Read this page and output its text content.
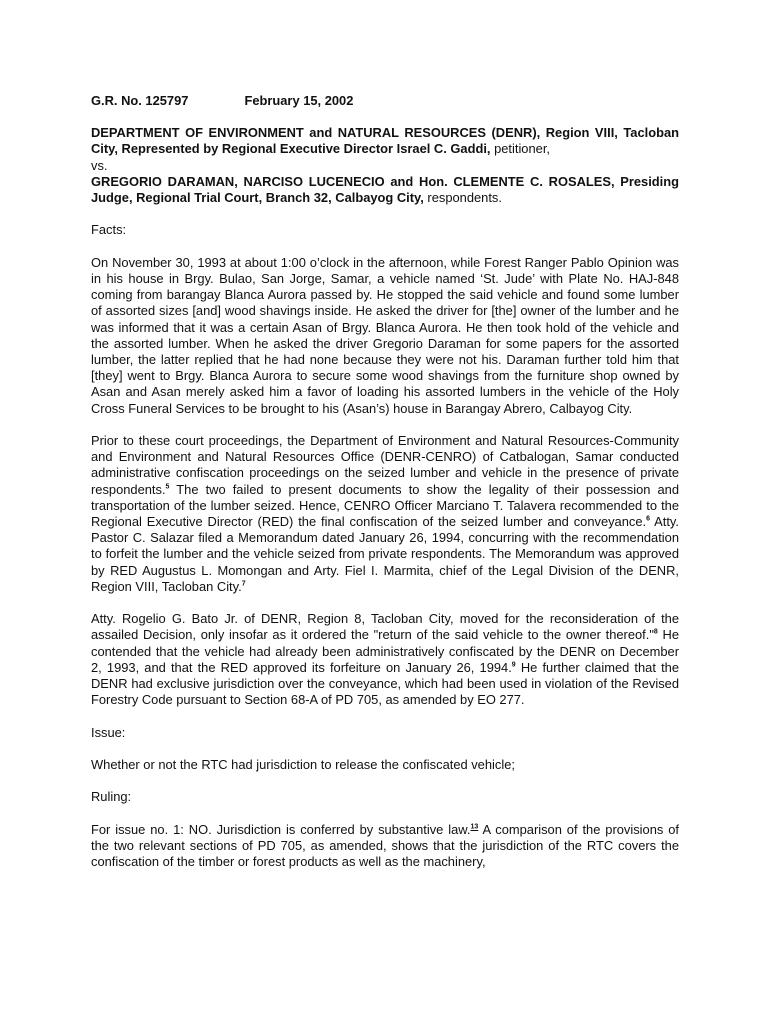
G.R. No. 125797	February 15, 2002

DEPARTMENT OF ENVIRONMENT and NATURAL RESOURCES (DENR), Region VIII, Tacloban City, Represented by Regional Executive Director Israel C. Gaddi, petitioner,

vs.

GREGORIO DARAMAN, NARCISO LUCENECIO and Hon. CLEMENTE C. ROSALES, Presiding Judge, Regional Trial Court, Branch 32, Calbayog City, respondents.

Facts:

On November 30, 1993 at about 1:00 o’clock in the afternoon, while Forest Ranger Pablo Opinion was in his house in Brgy. Bulao, San Jorge, Samar, a vehicle named ‘St. Jude’ with Plate No. HAJ-848 coming from barangay Blanca Aurora passed by. He stopped the said vehicle and found some lumber of assorted sizes [and] wood shavings inside. He asked the driver for [the] owner of the lumber and he was informed that it was a certain Asan of Brgy. Blanca Aurora. He then took hold of the vehicle and the assorted lumber. When he asked the driver Gregorio Daraman for some papers for the assorted lumber, the latter replied that he had none because they were not his. Daraman further told him that [they] went to Brgy. Blanca Aurora to secure some wood shavings from the furniture shop owned by Asan and Asan merely asked him a favor of loading his assorted lumbers in the vehicle of the Holy Cross Funeral Services to be brought to his (Asan’s) house in Barangay Abrero, Calbayog City.

Prior to these court proceedings, the Department of Environment and Natural Resources-Community and Environment and Natural Resources Office (DENR-CENRO) of Catbalogan, Samar conducted administrative confiscation proceedings on the seized lumber and vehicle in the presence of private respondents.$^5$ The two failed to present documents to show the legality of their possession and transportation of the lumber seized. Hence, CENRO Officer Marciano T. Talavera recommended to the Regional Executive Director (RED) the final confiscation of the seized lumber and conveyance.$^6$ Atty. Pastor C. Salazar filed a Memorandum dated January 26, 1994, concurring with the recommendation to forfeit the lumber and the vehicle seized from private respondents. The Memorandum was approved by RED Augustus L. Momongan and Arty. Fiel I. Marmita, chief of the Legal Division of the DENR, Region VIII, Tacloban City.$^7$

Atty. Rogelio G. Bato Jr. of DENR, Region 8, Tacloban City, moved for the reconsideration of the assailed Decision, only insofar as it ordered the "return of the said vehicle to the owner thereof."$^8$ He contended that the vehicle had already been administratively confiscated by the DENR on December 2, 1993, and that the RED approved its forfeiture on January 26, 1994.$^9$ He further claimed that the DENR had exclusive jurisdiction over the conveyance, which had been used in violation of the Revised Forestry Code pursuant to Section 68-A of PD 705, as amended by EO 277.

Issue:

Whether or not the RTC had jurisdiction to release the confiscated vehicle;

Ruling:

For issue no. 1: NO. Jurisdiction is conferred by substantive law.$^{13}$ A comparison of the provisions of the two relevant sections of PD 705, as amended, shows that the jurisdiction of the RTC covers the confiscation of the timber or forest products as well as the machinery,
